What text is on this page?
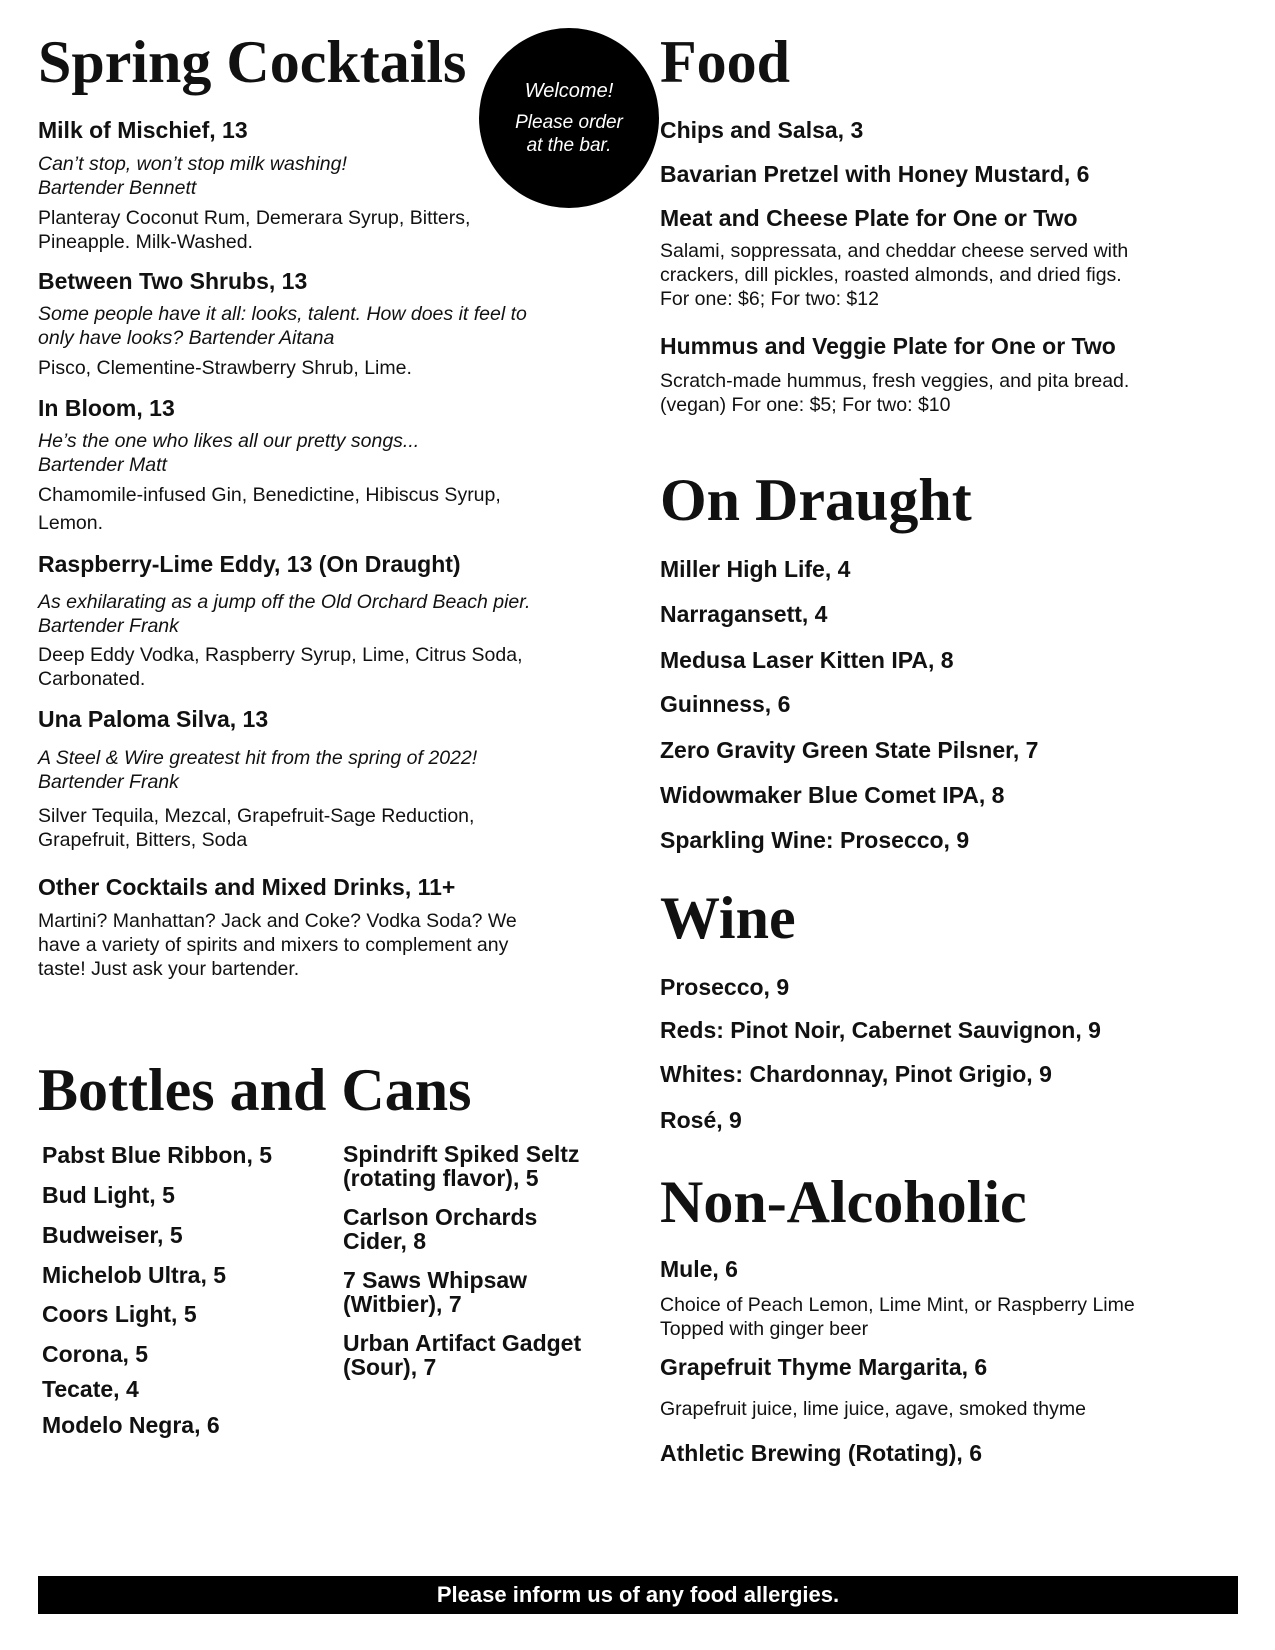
Welcome!
Please order
at the bar.
Spring Cocktails
Milk of Mischief, 13
Can’t stop, won’t stop milk washing!
Bartender Bennett
Planteray Coconut Rum, Demerara Syrup, Bitters,
Pineapple. Milk-Washed.
Between Two Shrubs, 13
Some people have it all: looks, talent. How does it feel to
only have looks? Bartender Aitana
Pisco, Clementine-Strawberry Shrub, Lime.
In Bloom, 13
He’s the one who likes all our pretty songs...
Bartender Matt
Chamomile-infused Gin, Benedictine, Hibiscus Syrup,
Lemon.
Raspberry-Lime Eddy, 13 (On Draught)
As exhilarating as a jump off the Old Orchard Beach pier.
Bartender Frank
Deep Eddy Vodka, Raspberry Syrup, Lime, Citrus Soda,
Carbonated.
Una Paloma Silva, 13
A Steel & Wire greatest hit from the spring of 2022!
Bartender Frank
Silver Tequila, Mezcal, Grapefruit-Sage Reduction,
Grapefruit, Bitters, Soda
Other Cocktails and Mixed Drinks, 11+
Martini? Manhattan? Jack and Coke? Vodka Soda? We
have a variety of spirits and mixers to complement any
taste! Just ask your bartender.
Bottles and Cans
Pabst Blue Ribbon, 5
Bud Light, 5
Budweiser, 5
Michelob Ultra, 5
Coors Light, 5
Corona, 5
Tecate, 4
Modelo Negra, 6
Spindrift Spiked Seltz
(rotating flavor), 5
Carlson Orchards
Cider, 8
7 Saws Whipsaw
(Witbier), 7
Urban Artifact Gadget
(Sour), 7
Food
Chips and Salsa, 3
Bavarian Pretzel with Honey Mustard, 6
Meat and Cheese Plate for One or Two
Salami, soppressata, and cheddar cheese served with
crackers, dill pickles, roasted almonds, and dried figs.
For one: $6; For two: $12
Hummus and Veggie Plate for One or Two
Scratch-made hummus, fresh veggies, and pita bread.
(vegan) For one: $5; For two: $10
On Draught
Miller High Life, 4
Narragansett, 4
Medusa Laser Kitten IPA, 8
Guinness, 6
Zero Gravity Green State Pilsner, 7
Widowmaker Blue Comet IPA, 8
Sparkling Wine: Prosecco, 9
Wine
Prosecco, 9
Reds: Pinot Noir, Cabernet Sauvignon, 9
Whites: Chardonnay, Pinot Grigio, 9
Rosé, 9
Non-Alcoholic
Mule, 6
Choice of Peach Lemon, Lime Mint, or Raspberry Lime
Topped with ginger beer
Grapefruit Thyme Margarita, 6
Grapefruit juice, lime juice, agave, smoked thyme
Athletic Brewing (Rotating), 6
Please inform us of any food allergies.
